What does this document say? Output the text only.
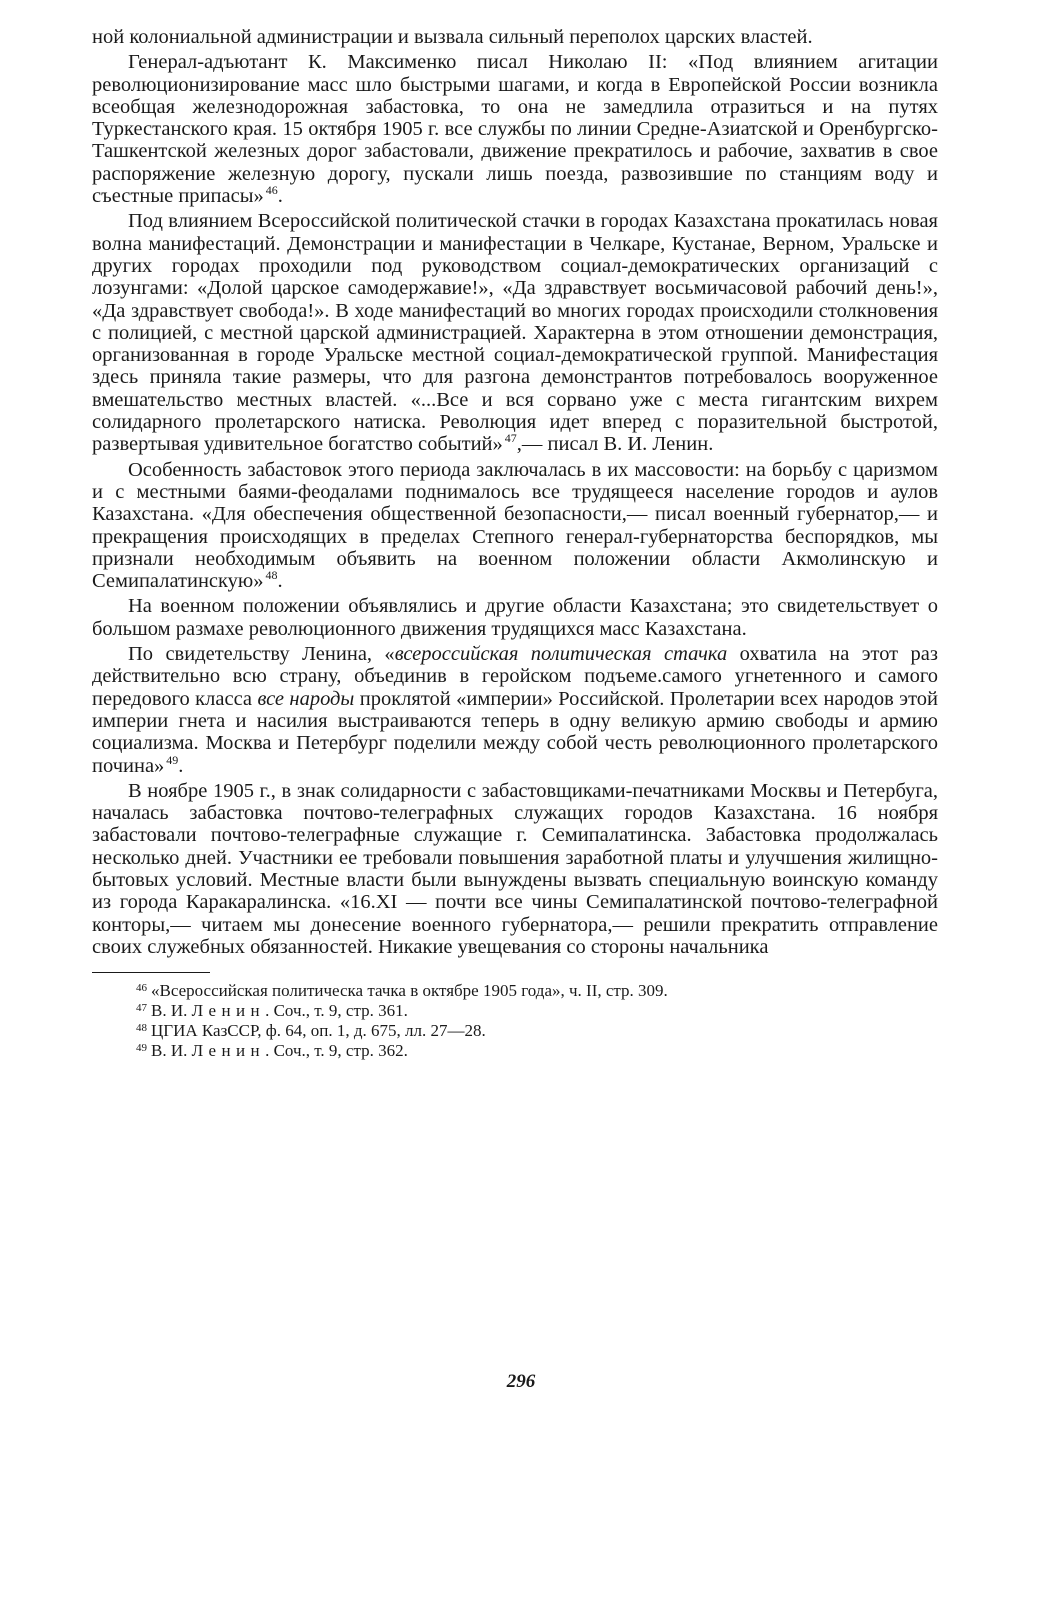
ной колониальной администрации и вызвала сильный переполох царских властей.

Генерал-адъютант К. Максименко писал Николаю II: «Под влиянием агитации революционизирование масс шло быстрыми шагами, и когда в Европейской России возникла всеобщая железнодорожная забастовка, то она не замедлила отразиться и на путях Туркестанского края. 15 октября 1905 г. все службы по линии Средне-Азиатской и Оренбургско-Ташкентской железных дорог забастовали, движение прекратилось и рабочие, захватив в свое распоряжение железную дорогу, пускали лишь поезда, развозившие по станциям воду и съестные припасы» $^{46}$.

Под влиянием Всероссийской политической стачки в городах Казахстана прокатилась новая волна манифестаций. Демонстрации и манифестации в Челкаре, Кустанае, Верном, Уральске и других городах проходили под руководством социал-демократических организаций с лозунгами: «Долой царское самодержавие!», «Да здравствует восьмичасовой рабочий день!», «Да здравствует свобода!». В ходе манифестаций во многих городах происходили столкновения с полицией, с местной царской администрацией. Характерна в этом отношении демонстрация, организованная в городе Уральске местной социал-демократической группой. Манифестация здесь приняла такие размеры, что для разгона демонстрантов потребовалось вооруженное вмешательство местных властей. «...Все и вся сорвано уже с места гигантским вихрем солидарного пролетарского натиска. Революция идет вперед с поразительной быстротой, развертывая удивительное богатство событий» $^{47}$,— писал В. И. Ленин.

Особенность забастовок этого периода заключалась в их массовости: на борьбу с царизмом и с местными баями-феодалами поднималось все трудящееся население городов и аулов Казахстана. «Для обеспечения общественной безопасности,— писал военный губернатор,— и прекращения происходящих в пределах Степного генерал-губернаторства беспорядков, мы признали необходимым объявить на военном положении области Акмолинскую и Семипалатинскую» $^{48}$.

На военном положении объявлялись и другие области Казахстана; это свидетельствует о большом размахе революционного движения трудящихся масс Казахстана.

По свидетельству Ленина, «всероссийская политическая стачка охватила на этот раз действительно всю страну, объединив в геройском подъеме.самого угнетенного и самого передового класса все народы проклятой «империи» Российской. Пролетарии всех народов этой империи гнета и насилия выстраиваются теперь в одну великую армию свободы и армию социализма. Москва и Петербург поделили между собой честь революционного пролетарского почина» $^{49}$.

В ноябре 1905 г., в знак солидарности с забастовщиками-печатниками Москвы и Петербуга, началась забастовка почтово-телеграфных служащих городов Казахстана. 16 ноября забастовали почтово-телеграфные служащие г. Семипалатинска. Забастовка продолжалась несколько дней. Участники ее требовали повышения заработной платы и улучшения жилищно-бытовых условий. Местные власти были вынуждены вызвать специальную воинскую команду из города Каракаралинска. «16.XI — почти все чины Семипалатинской почтово-телеграфной конторы,— читаем мы донесение военного губернатора,— решили прекратить отправление своих служебных обязанностей. Никакие увещевания со стороны начальника

$^{46}$ «Всероссийская политическа тачка в октябре 1905 года», ч. II, стр. 309.

$^{47}$ В. И. Ленин. Соч., т. 9, стр. 361.

$^{48}$ ЦГИА КазССР, ф. 64, оп. 1, д. 675, лл. 27—28.

$^{49}$ В. И. Ленин. Соч., т. 9, стр. 362.

296
